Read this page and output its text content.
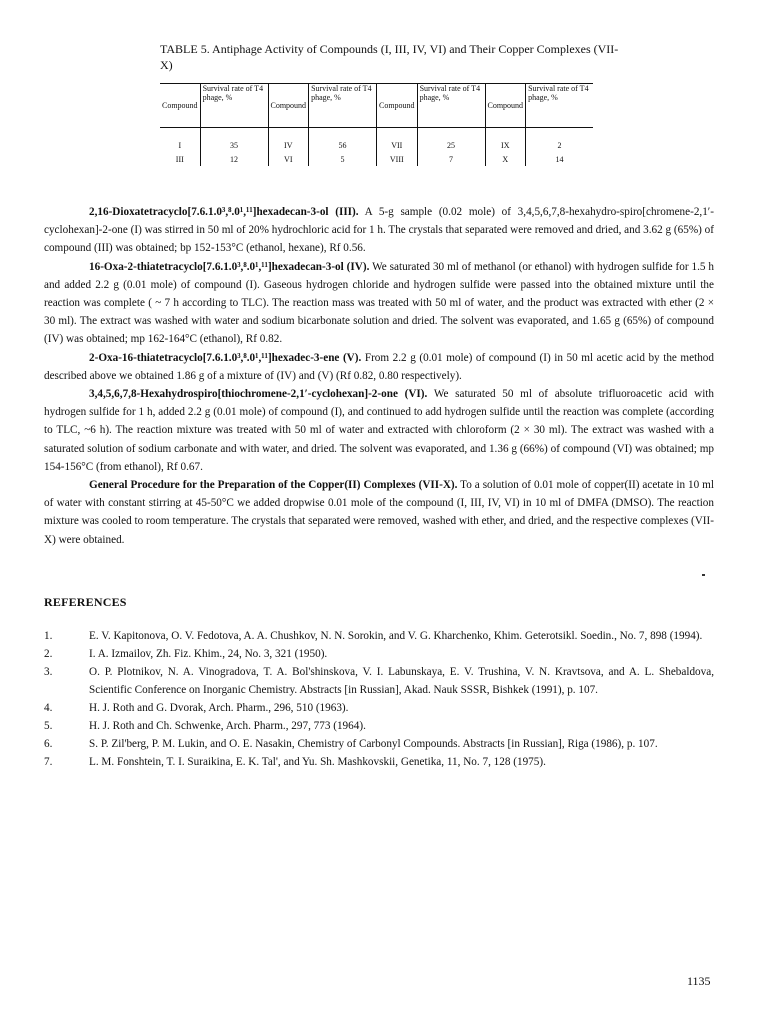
TABLE 5. Antiphage Activity of Compounds (I, III, IV, VI) and Their Copper Complexes (VII-X)
Compound	Survival rate of T4 phage, %	Compound	Survival rate of T4 phage, %	Compound	Survival rate of T4 phage, %	Compound	Survival rate of T4 phage, %
I	35	IV	56	VII	25	IX	2
III	12	VI	5	VIII	7	X	14

2,16-Dioxatetracyclo[7.6.1.0³,⁸.0¹,¹¹]hexadecan-3-ol (III). A 5-g sample (0.02 mole) of 3,4,5,6,7,8-hexahydro-spiro[chromene-2,1′-cyclohexan]-2-one (I) was stirred in 50 ml of 20% hydrochloric acid for 1 h. The crystals that separated were removed and dried, and 3.62 g (65%) of compound (III) was obtained; bp 152-153°C (ethanol, hexane), Rf 0.56.

16-Oxa-2-thiatetracyclo[7.6.1.0³,⁸.0¹,¹¹]hexadecan-3-ol (IV). We saturated 30 ml of methanol (or ethanol) with hydrogen sulfide for 1.5 h and added 2.2 g (0.01 mole) of compound (I). Gaseous hydrogen chloride and hydrogen sulfide were passed into the obtained mixture until the reaction was complete ( ~ 7 h according to TLC). The reaction mass was treated with 50 ml of water, and the product was extracted with ether (2 × 30 ml). The extract was washed with water and sodium bicarbonate solution and dried. The solvent was evaporated, and 1.65 g (65%) of compound (IV) was obtained; mp 162-164°C (ethanol), Rf 0.82.

2-Oxa-16-thiatetracyclo[7.6.1.0³,⁸.0¹,¹¹]hexadec-3-ene (V). From 2.2 g (0.01 mole) of compound (I) in 50 ml acetic acid by the method described above we obtained 1.86 g of a mixture of (IV) and (V) (Rf 0.82, 0.80 respectively).

3,4,5,6,7,8-Hexahydrospiro[thiochromene-2,1′-cyclohexan]-2-one (VI). We saturated 50 ml of absolute trifluoroacetic acid with hydrogen sulfide for 1 h, added 2.2 g (0.01 mole) of compound (I), and continued to add hydrogen sulfide until the reaction was complete (according to TLC, ~6 h). The reaction mixture was treated with 50 ml of water and extracted with chloroform (2 × 30 ml). The extract was washed with a saturated solution of sodium carbonate and with water, and dried. The solvent was evaporated, and 1.36 g (66%) of compound (VI) was obtained; mp 154-156°C (from ethanol), Rf 0.67.

General Procedure for the Preparation of the Copper(II) Complexes (VII-X). To a solution of 0.01 mole of copper(II) acetate in 10 ml of water with constant stirring at 45-50°C we added dropwise 0.01 mole of the compound (I, III, IV, VI) in 10 ml of DMFA (DMSO). The reaction mixture was cooled to room temperature. The crystals that separated were removed, washed with ether, and dried, and the respective complexes (VII-X) were obtained.

REFERENCES
1.	E. V. Kapitonova, O. V. Fedotova, A. A. Chushkov, N. N. Sorokin, and V. G. Kharchenko, Khim. Geterotsikl. Soedin., No. 7, 898 (1994).
2.	I. A. Izmailov, Zh. Fiz. Khim., 24, No. 3, 321 (1950).
3.	O. P. Plotnikov, N. A. Vinogradova, T. A. Bol'shinskova, V. I. Labunskaya, E. V. Trushina, V. N. Kravtsova, and A. L. Shebaldova, Scientific Conference on Inorganic Chemistry. Abstracts [in Russian], Akad. Nauk SSSR, Bishkek (1991), p. 107.
4.	H. J. Roth and G. Dvorak, Arch. Pharm., 296, 510 (1963).
5.	H. J. Roth and Ch. Schwenke, Arch. Pharm., 297, 773 (1964).
6.	S. P. Zil'berg, P. M. Lukin, and O. E. Nasakin, Chemistry of Carbonyl Compounds. Abstracts [in Russian], Riga (1986), p. 107.
7.	L. M. Fonshtein, T. I. Suraikina, E. K. Tal', and Yu. Sh. Mashkovskii, Genetika, 11, No. 7, 128 (1975).
1135
